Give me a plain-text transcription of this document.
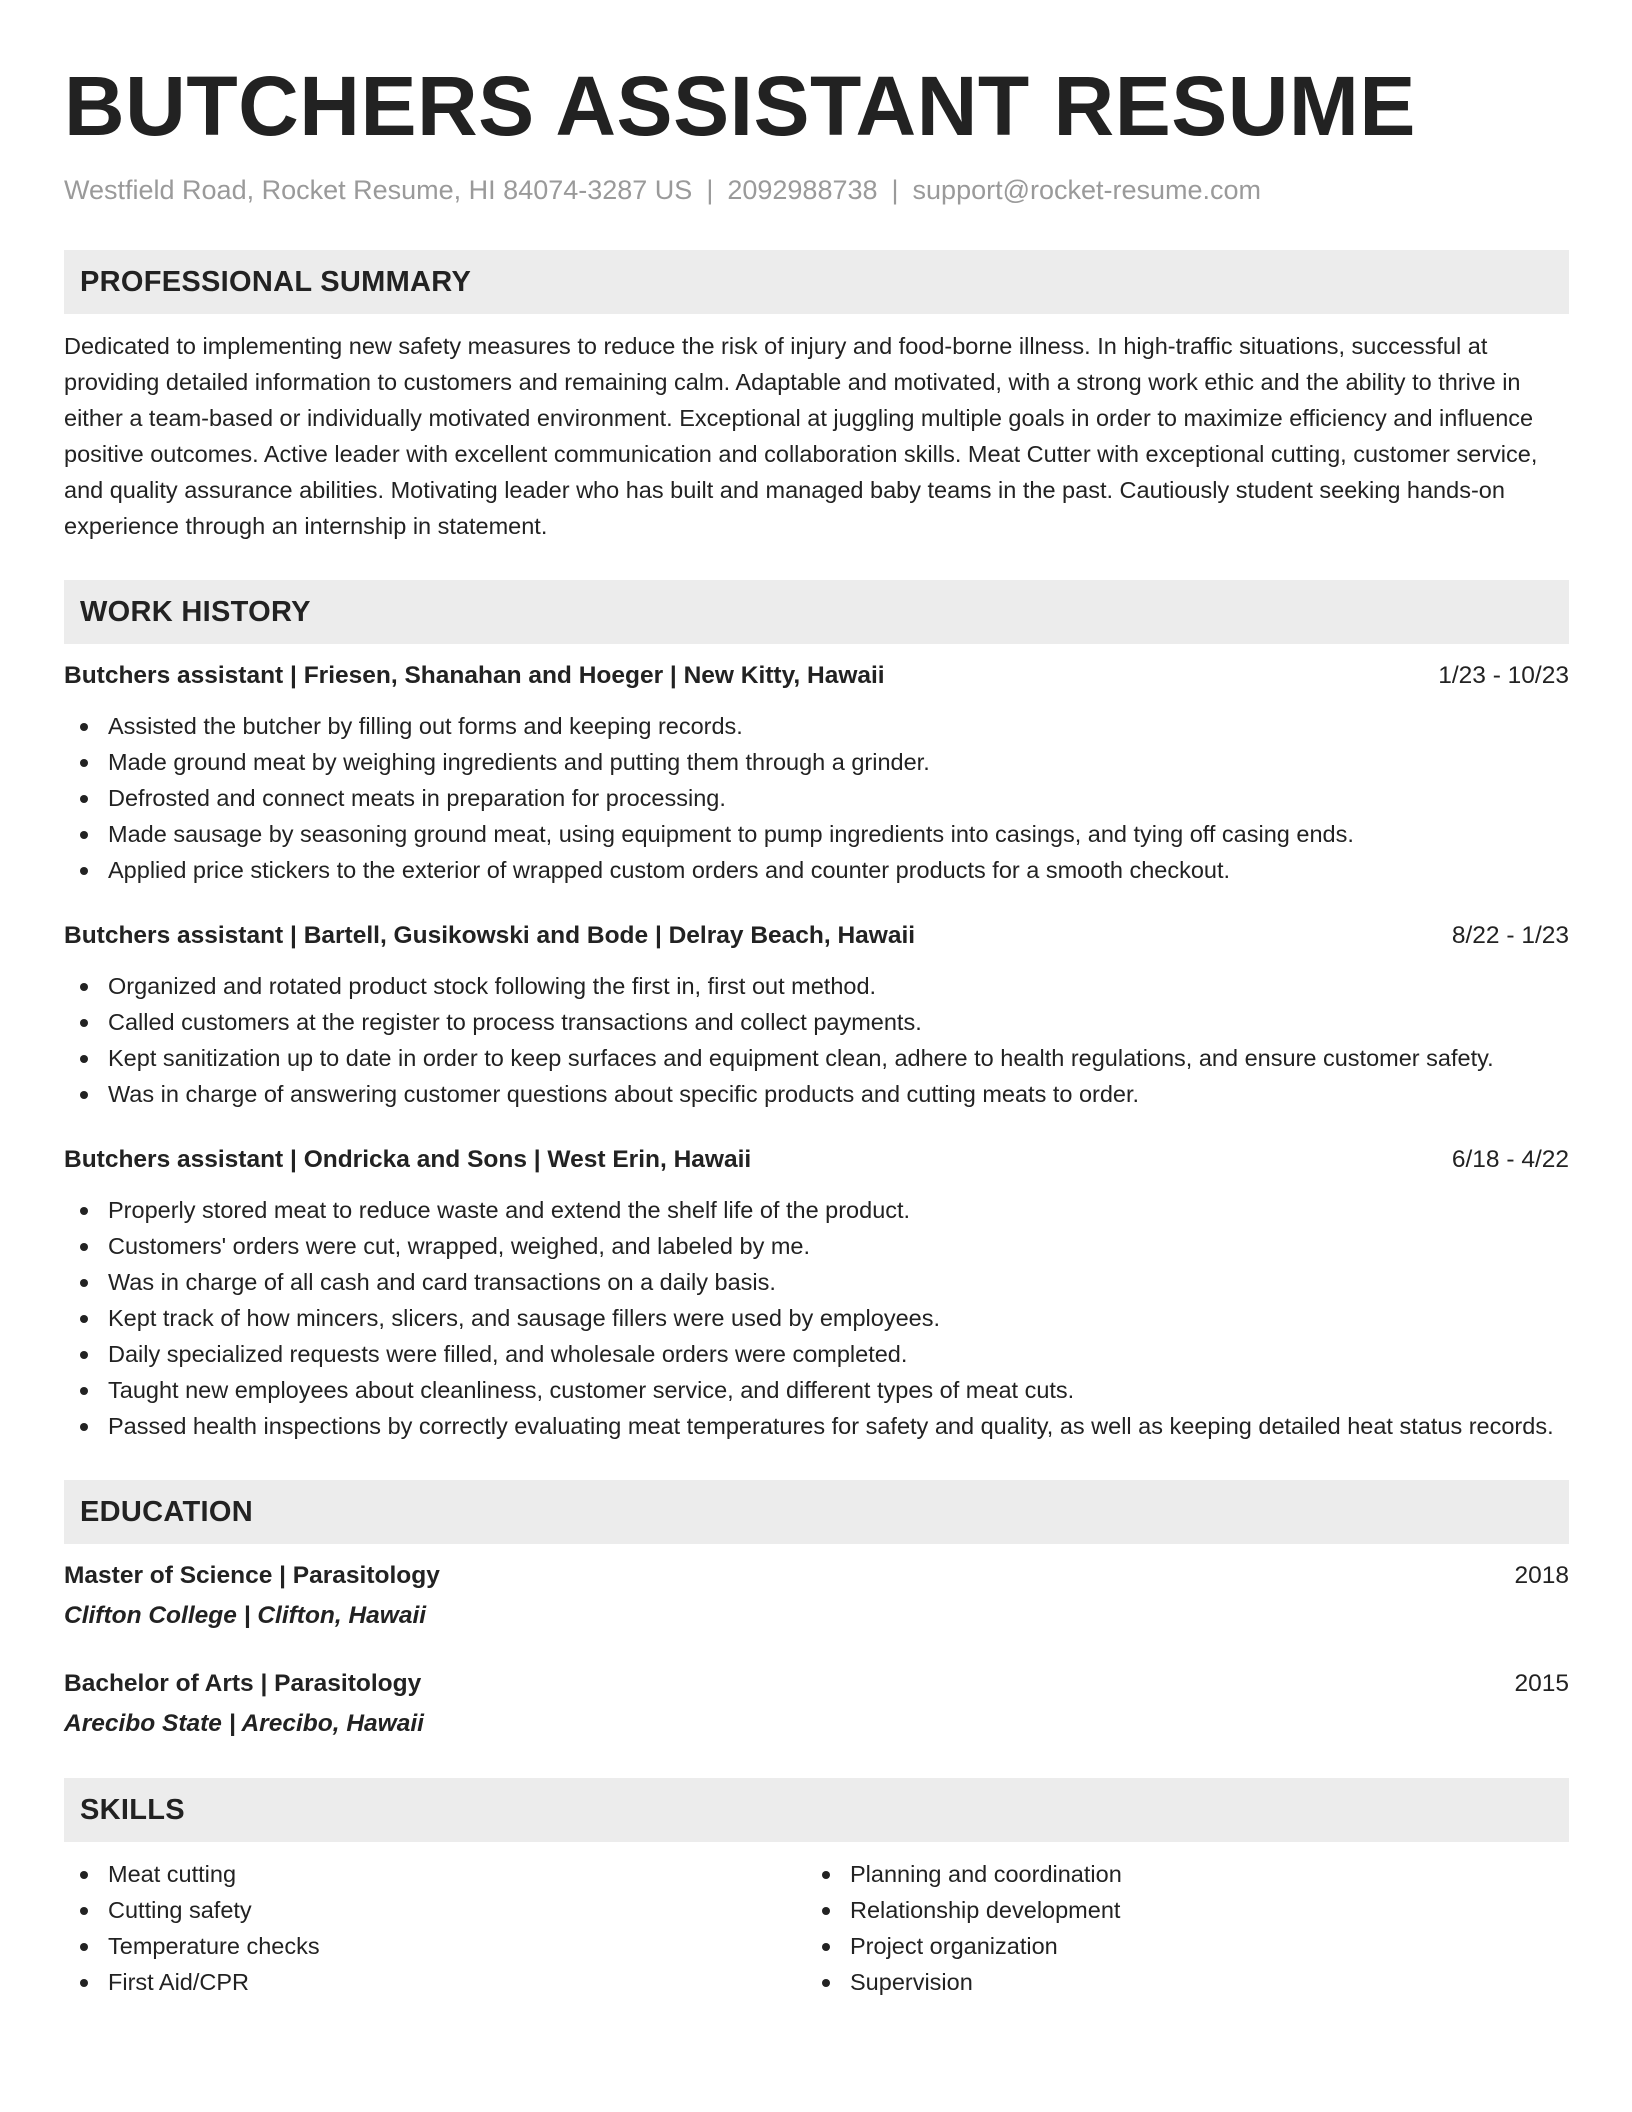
BUTCHERS ASSISTANT RESUME
Westfield Road, Rocket Resume, HI 84074-3287 US | 2092988738 | support@rocket-resume.com
PROFESSIONAL SUMMARY
Dedicated to implementing new safety measures to reduce the risk of injury and food-borne illness. In high-traffic situations, successful at providing detailed information to customers and remaining calm. Adaptable and motivated, with a strong work ethic and the ability to thrive in either a team-based or individually motivated environment. Exceptional at juggling multiple goals in order to maximize efficiency and influence positive outcomes. Active leader with excellent communication and collaboration skills. Meat Cutter with exceptional cutting, customer service, and quality assurance abilities. Motivating leader who has built and managed baby teams in the past. Cautiously student seeking hands-on experience through an internship in statement.
WORK HISTORY
Butchers assistant | Friesen, Shanahan and Hoeger | New Kitty, Hawaii	1/23 - 10/23
Assisted the butcher by filling out forms and keeping records.
Made ground meat by weighing ingredients and putting them through a grinder.
Defrosted and connect meats in preparation for processing.
Made sausage by seasoning ground meat, using equipment to pump ingredients into casings, and tying off casing ends.
Applied price stickers to the exterior of wrapped custom orders and counter products for a smooth checkout.
Butchers assistant | Bartell, Gusikowski and Bode | Delray Beach, Hawaii	8/22 - 1/23
Organized and rotated product stock following the first in, first out method.
Called customers at the register to process transactions and collect payments.
Kept sanitization up to date in order to keep surfaces and equipment clean, adhere to health regulations, and ensure customer safety.
Was in charge of answering customer questions about specific products and cutting meats to order.
Butchers assistant | Ondricka and Sons | West Erin, Hawaii	6/18 - 4/22
Properly stored meat to reduce waste and extend the shelf life of the product.
Customers' orders were cut, wrapped, weighed, and labeled by me.
Was in charge of all cash and card transactions on a daily basis.
Kept track of how mincers, slicers, and sausage fillers were used by employees.
Daily specialized requests were filled, and wholesale orders were completed.
Taught new employees about cleanliness, customer service, and different types of meat cuts.
Passed health inspections by correctly evaluating meat temperatures for safety and quality, as well as keeping detailed heat status records.
EDUCATION
Master of Science | Parasitology	2018
Clifton College | Clifton, Hawaii
Bachelor of Arts | Parasitology	2015
Arecibo State | Arecibo, Hawaii
SKILLS
Meat cutting
Cutting safety
Temperature checks
First Aid/CPR
Planning and coordination
Relationship development
Project organization
Supervision
